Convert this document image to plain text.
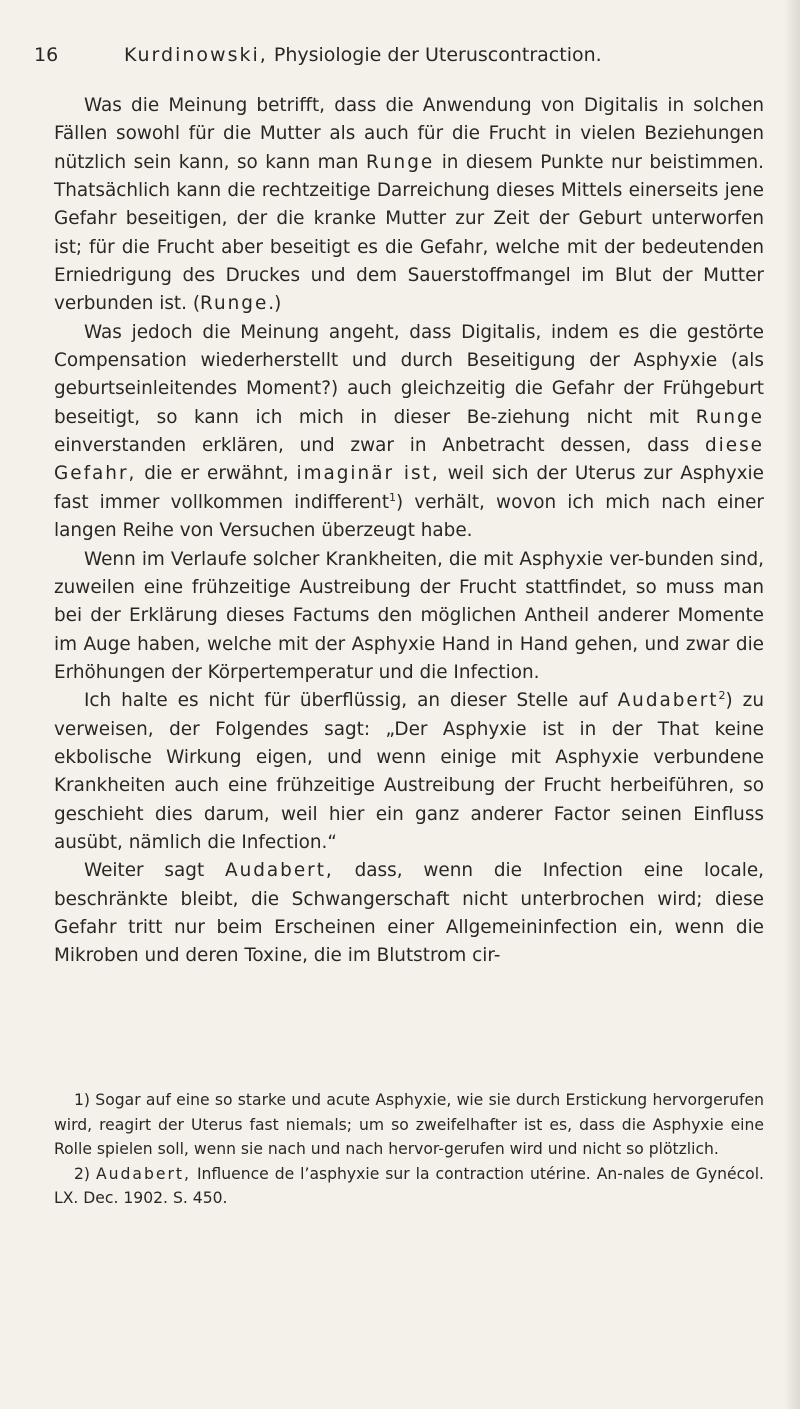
16	Kurdinowski, Physiologie der Uteruscontraction.

Was die Meinung betrifft, dass die Anwendung von Digitalis in solchen Fällen sowohl für die Mutter als auch für die Frucht in vielen Beziehungen nützlich sein kann, so kann man Runge in diesem Punkte nur beistimmen. Thatsächlich kann die rechtzeitige Darreichung dieses Mittels einerseits jene Gefahr beseitigen, der die kranke Mutter zur Zeit der Geburt unterworfen ist; für die Frucht aber beseitigt es die Gefahr, welche mit der bedeutenden Erniedrigung des Druckes und dem Sauerstoffmangel im Blut der Mutter verbunden ist. (Runge.)

Was jedoch die Meinung angeht, dass Digitalis, indem es die gestörte Compensation wiederherstellt und durch Beseitigung der Asphyxie (als geburtseinleitendes Moment?) auch gleichzeitig die Gefahr der Frühgeburt beseitigt, so kann ich mich in dieser Be-ziehung nicht mit Runge einverstanden erklären, und zwar in Anbetracht dessen, dass diese Gefahr, die er erwähnt, imaginär ist, weil sich der Uterus zur Asphyxie fast immer vollkommen indifferent$^1$) verhält, wovon ich mich nach einer langen Reihe von Versuchen überzeugt habe.

Wenn im Verlaufe solcher Krankheiten, die mit Asphyxie ver-bunden sind, zuweilen eine frühzeitige Austreibung der Frucht stattfindet, so muss man bei der Erklärung dieses Factums den möglichen Antheil anderer Momente im Auge haben, welche mit der Asphyxie Hand in Hand gehen, und zwar die Erhöhungen der Körpertemperatur und die Infection.

Ich halte es nicht für überflüssig, an dieser Stelle auf Audabert$^2$) zu verweisen, der Folgendes sagt: „Der Asphyxie ist in der That keine ekbolische Wirkung eigen, und wenn einige mit Asphyxie verbundene Krankheiten auch eine frühzeitige Austreibung der Frucht herbeiführen, so geschieht dies darum, weil hier ein ganz anderer Factor seinen Einfluss ausübt, nämlich die Infection.“

Weiter sagt Audabert, dass, wenn die Infection eine locale, beschränkte bleibt, die Schwangerschaft nicht unterbrochen wird; diese Gefahr tritt nur beim Erscheinen einer Allgemeininfection ein, wenn die Mikroben und deren Toxine, die im Blutstrom cir-

1) Sogar auf eine so starke und acute Asphyxie, wie sie durch Erstickung hervorgerufen wird, reagirt der Uterus fast niemals; um so zweifelhafter ist es, dass die Asphyxie eine Rolle spielen soll, wenn sie nach und nach hervor-gerufen wird und nicht so plötzlich.

2) Audabert, Influence de l’asphyxie sur la contraction utérine. An-nales de Gynécol. LX. Dec. 1902. S. 450.
